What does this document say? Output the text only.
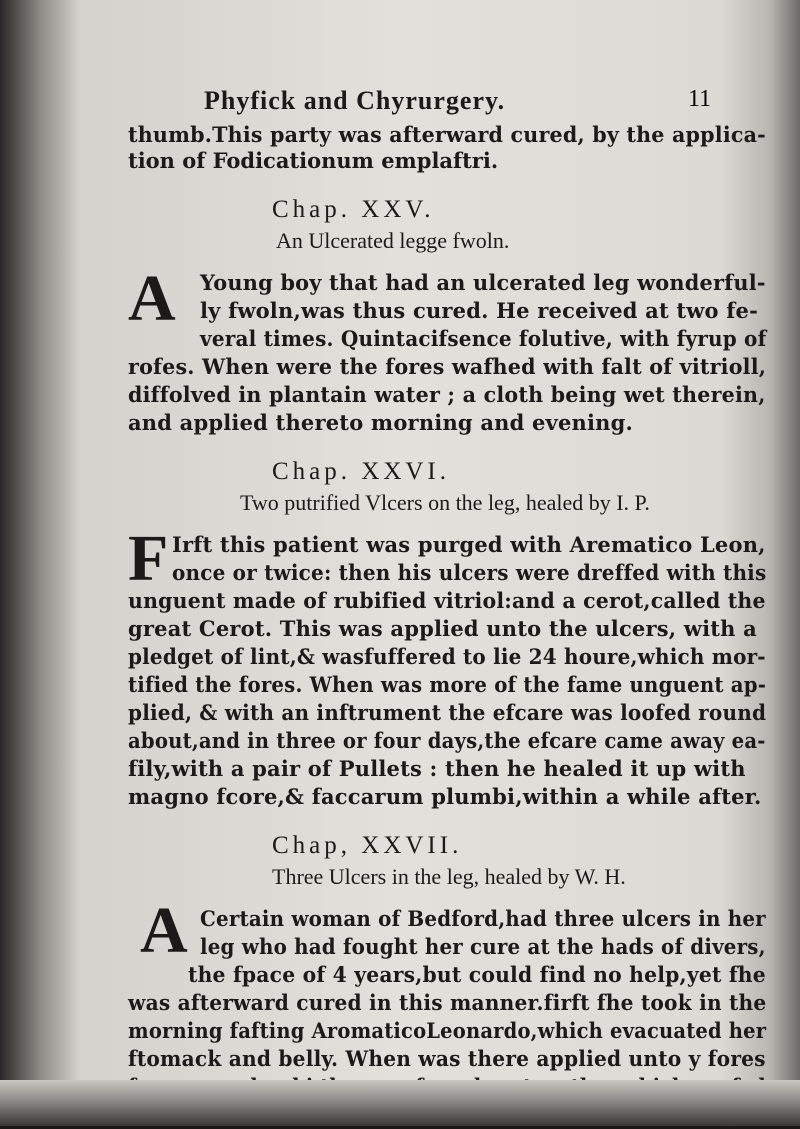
11
Phyfick and Chyrurgery.
thumb.This party was afterward cured, by the applica-
tion of Fodicationum emplaftri.
Chap. XXV.
An Ulcerated legge fwoln.
A Young boy that had an ulcerated leg wonderful-
ly fwoln,was thus cured. He received at two fe-
veral times. Quintacifsence folutive, with fyrup of
rofes. When were the fores wafhed with falt of vitrioll,
diffolved in plantain water ; a cloth being wet therein,
and applied thereto morning and evening.
Chap. XXVI.
Two putrified Vlcers on the leg, healed by I. P.
F Irft this patient was purged with Arematico Leon,
once or twice: then his ulcers were dreffed with this
unguent made of rubified vitriol:and a cerot,called the
great Cerot. This was applied unto the ulcers, with a
pledget of lint,& wasfuffered to lie 24 houre,which mor-
tified the fores. When was more of the fame unguent ap-
plied, & with an inftrument the efcare was loofed round
about,and in three or four days,the efcare came away ea-
fily,with a pair of Pullets : then he healed it up with
magno fcore,& faccarum plumbi,within a while after.
Chap, XXVII.
Three Ulcers in the leg, healed by W. H.
A Certain woman of Bedford,had three ulcers in her
leg who had fought her cure at the hads of divers,
the fpace of 4 years,but could find no help,yet fhe
was afterward cured in this manner.firft fhe took in the
morning fafting AromaticoLeonardo,which evacuated her
ftomack and belly. When was there applied unto y fores
